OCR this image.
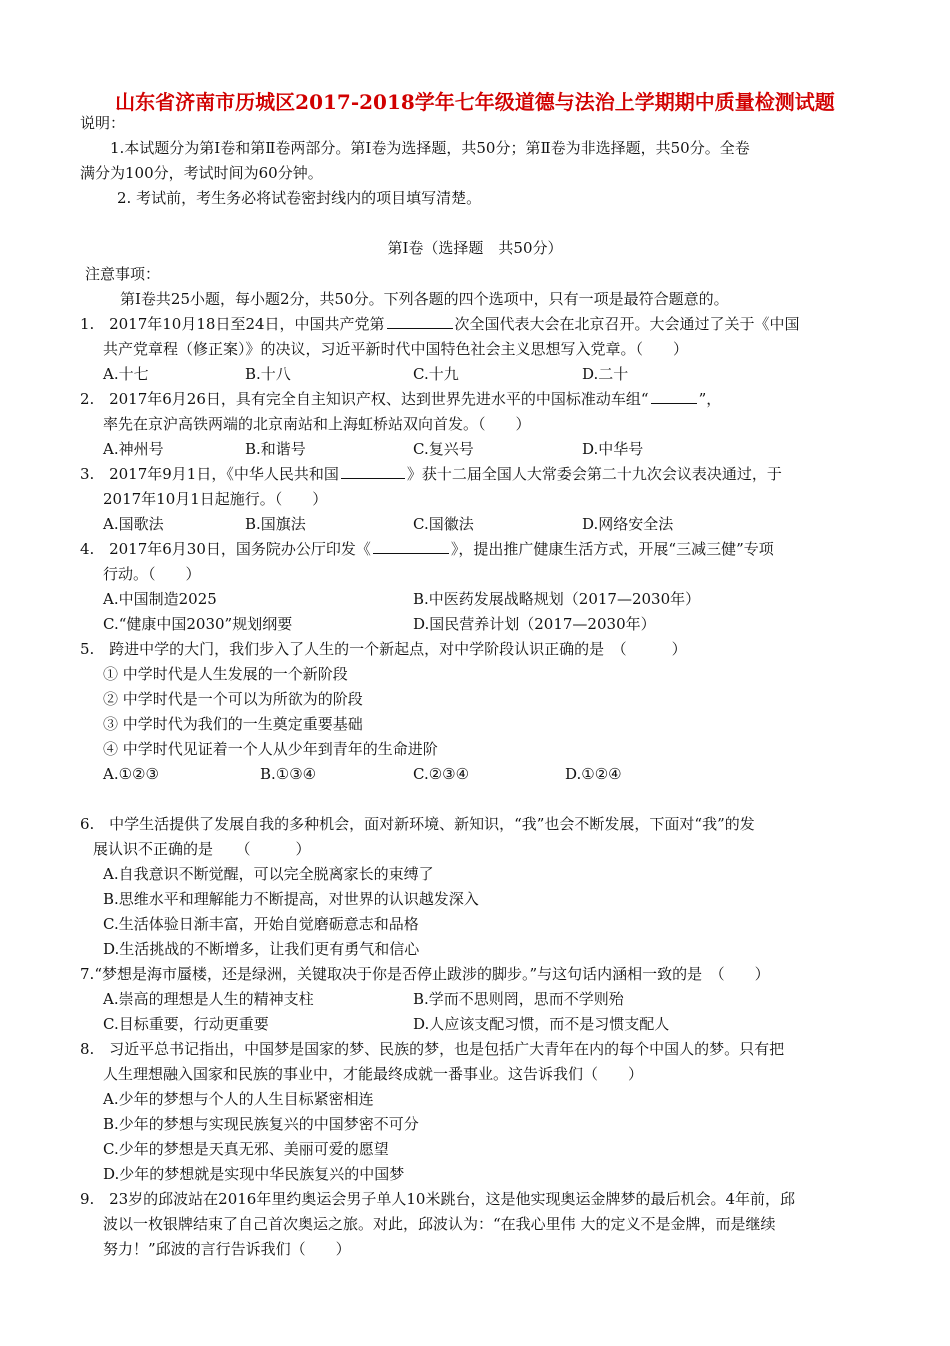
山东省济南市历城区2017-2018学年七年级道德与法治上学期期中质量检测试题
说明：
1.本试题分为第Ⅰ卷和第Ⅱ卷两部分。第Ⅰ卷为选择题，共50分；第Ⅱ卷为非选择题，共50分。全卷
满分为100分，考试时间为60分钟。
2. 考试前，考生务必将试卷密封线内的项目填写清楚。
第Ⅰ卷（选择题　共50分）
注意事项：
第Ⅰ卷共25小题，每小题2分，共50分。下列各题的四个选项中，只有一项是最符合题意的。
1. 2017年10月18日至24日，中国共产党第	次全国代表大会在北京召开。大会通过了关于《中国
共产党章程（修正案）》的决议，习近平新时代中国特色社会主义思想写入党章。（　　）
A.十七	B.十八	C.十九	D.二十
2. 2017年6月26日，具有完全自主知识产权、达到世界先进水平的中国标准动车组“	”，
率先在京沪高铁两端的北京南站和上海虹桥站双向首发。（　　）
A.神州号	B.和谐号	C.复兴号	D.中华号
3. 2017年9月1日，《中华人民共和国	》获十二届全国人大常委会第二十九次会议表决通过，于
2017年10月1日起施行。（　　）
A.国歌法	B.国旗法	C.国徽法	D.网络安全法
4. 2017年6月30日，国务院办公厅印发《	》，提出推广健康生活方式，开展“三减三健”专项
行动。（　　）
A.中国制造2025	B.中医药发展战略规划（2017—2030年）
C.“健康中国2030”规划纲要	D.国民营养计划（2017—2030年）
5. 跨进中学的大门，我们步入了人生的一个新起点，对中学阶段认识正确的是　（　　　）
① 中学时代是人生发展的一个新阶段
② 中学时代是一个可以为所欲为的阶段
③ 中学时代为我们的一生奠定重要基础
④ 中学时代见证着一个人从少年到青年的生命进阶
A.①②③	B.①③④	C.②③④	D.①②④
6. 中学生活提供了发展自我的多种机会，面对新环境、新知识，“我”也会不断发展，下面对“我”的发
展认识不正确的是　　（　　　）
A.自我意识不断觉醒，可以完全脱离家长的束缚了
B.思维水平和理解能力不断提高，对世界的认识越发深入
C.生活体验日渐丰富，开始自觉磨砺意志和品格
D.生活挑战的不断增多，让我们更有勇气和信心
7.“梦想是海市蜃楼，还是绿洲，关键取决于你是否停止跋涉的脚步。”与这句话内涵相一致的是　（　　）
A.崇高的理想是人生的精神支柱	B.学而不思则罔，思而不学则殆
C.目标重要，行动更重要	D.人应该支配习惯，而不是习惯支配人
8. 习近平总书记指出，中国梦是国家的梦、民族的梦，也是包括广大青年在内的每个中国人的梦。只有把
人生理想融入国家和民族的事业中，才能最终成就一番事业。这告诉我们（　　）
A.少年的梦想与个人的人生目标紧密相连
B.少年的梦想与实现民族复兴的中国梦密不可分
C.少年的梦想是天真无邪、美丽可爱的愿望
D.少年的梦想就是实现中华民族复兴的中国梦
9. 23岁的邱波站在2016年里约奥运会男子单人10米跳台，这是他实现奥运金牌梦的最后机会。4年前，邱
波以一枚银牌结束了自己首次奥运之旅。对此，邱波认为：“在我心里伟 大的定义不是金牌，而是继续
努力！”邱波的言行告诉我们（　　）
